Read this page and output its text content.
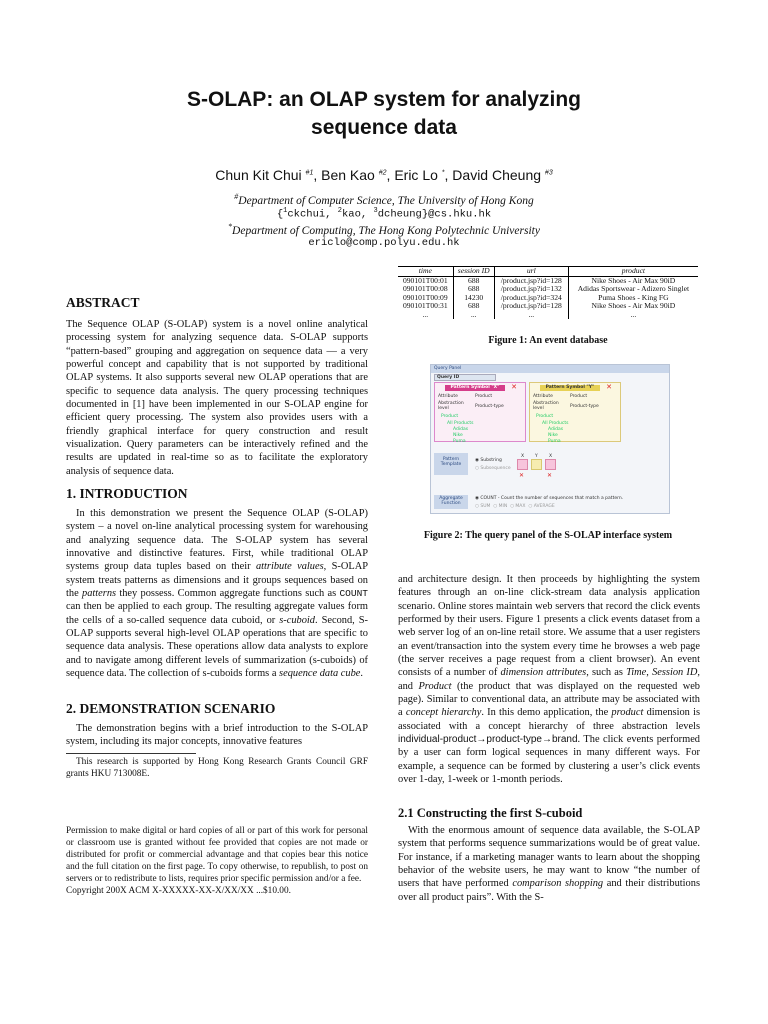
S-OLAP: an OLAP system for analyzing
sequence data
Chun Kit Chui $^{\#1}$, Ben Kao $^{\#2}$, Eric Lo *, David Cheung $^{\#3}$
#Department of Computer Science, The University of Hong Kong
{$^1$ckchui, $^2$kao, $^3$dcheung}@cs.hku.hk
*Department of Computing, The Hong Kong Polytechnic University
ericlo@comp.polyu.edu.hk
ABSTRACT

The Sequence OLAP (S-OLAP) system is a novel online analytical processing system for analyzing sequence data. S-OLAP supports “pattern-based” grouping and aggregation on sequence data — a very powerful concept and capability that is not supported by traditional OLAP systems. It also supports several new OLAP operations that are specific to sequence data analysis. The query processing techniques documented in [1] have been implemented in our S-OLAP engine for efficient query processing. The system also provides users with a friendly graphical interface for query construction and result visualization. Query parameters can be interactively refined and the results are updated in real-time so as to facilitate the exploratory analysis of sequence data.

1. INTRODUCTION

In this demonstration we present the Sequence OLAP (S-OLAP) system – a novel on-line analytical processing system for warehousing and analyzing sequence data. The S-OLAP system has several innovative and distinctive features. First, while traditional OLAP systems group data tuples based on their attribute values, S-OLAP system treats patterns as dimensions and it groups sequences based on the patterns they possess. Common aggregate functions such as COUNT can then be applied to each group. The resulting aggregate values form the cells of a so-called sequence data cuboid, or s-cuboid. Second, S-OLAP supports several high-level OLAP operations that are specific to sequence data analysis. These operations allow data analysts to explore and to navigate among different levels of summarization (s-cuboids) of sequence data. The collection of s-cuboids forms a sequence data cube.

2. DEMONSTRATION SCENARIO

The demonstration begins with a brief introduction to the S-OLAP system, including its major concepts, innovative features

This research is supported by Hong Kong Research Grants Council GRF grants HKU 713008E.
Permission to make digital or hard copies of all or part of this work for personal or classroom use is granted without fee provided that copies are not made or distributed for profit or commercial advantage and that copies bear this notice and the full citation on the first page. To copy otherwise, to republish, to post on servers or to redistribute to lists, requires prior specific permission and/or a fee.
Copyright 200X ACM X-XXXXX-XX-X/XX/XX ...$10.00.
time	session ID	url	product
090101T00:01	688	/product.jsp?id=128	Nike Shoes - Air Max 90iD
090101T00:08	688	/product.jsp?id=132	Adidas Sportswear - Adizero Singlet
090101T00:09	14230	/product.jsp?id=324	Puma Shoes - King FG
090101T00:31	688	/product.jsp?id=128	Nike Shoes - Air Max 90iD
...	...	...	...
Figure 1: An event database
Query Panel
Query ID
Pattern Symbol "X"	✕
Attribute	Product
Abstraction level	Product-type
Product
All Products
Adidas
Nike
Puma
Pattern Symbol "Y"	✕
Attribute	Product
Abstraction level	Product-type
Product
All Products
Adidas
Nike
Puma
Pattern Template
◉ Substring
○ Subsequence
X Y	X
✕	✕
Aggregate Function
◉ COUNT - Count the number of sequences that match a pattern.
○ SUM  ○ MIN  ○ MAX  ○ AVERAGE
Figure 2: The query panel of the S-OLAP interface system

and architecture design. It then proceeds by highlighting the system features through an on-line click-stream data analysis application scenario. Online stores maintain web servers that record the click events performed by their users. Figure 1 presents a click events dataset from a web server log of an on-line retail store. We assume that a user registers an event/transaction into the system every time he browses a web page (the server receives a page request from a client browser). An event consists of a number of dimension attributes, such as Time, Session ID, and Product (the product that was displayed on the requested web page). Similar to conventional data, an attribute may be associated with a concept hierarchy. In this demo application, the product dimension is associated with a concept hierarchy of three abstraction levels individual-product→product-type→brand. The click events performed by a user can form logical sequences in many different ways. For example, a sequence can be formed by clustering a user’s click events over 1-day, 1-week or 1-month periods.

2.1 Constructing the first S-cuboid

With the enormous amount of sequence data available, the S-OLAP system that performs sequence summarizations would be of great value. For instance, if a marketing manager wants to learn about the shopping behavior of the website users, he may want to know “the number of users that have performed comparison shopping and their distributions over all product pairs”. With the S-
